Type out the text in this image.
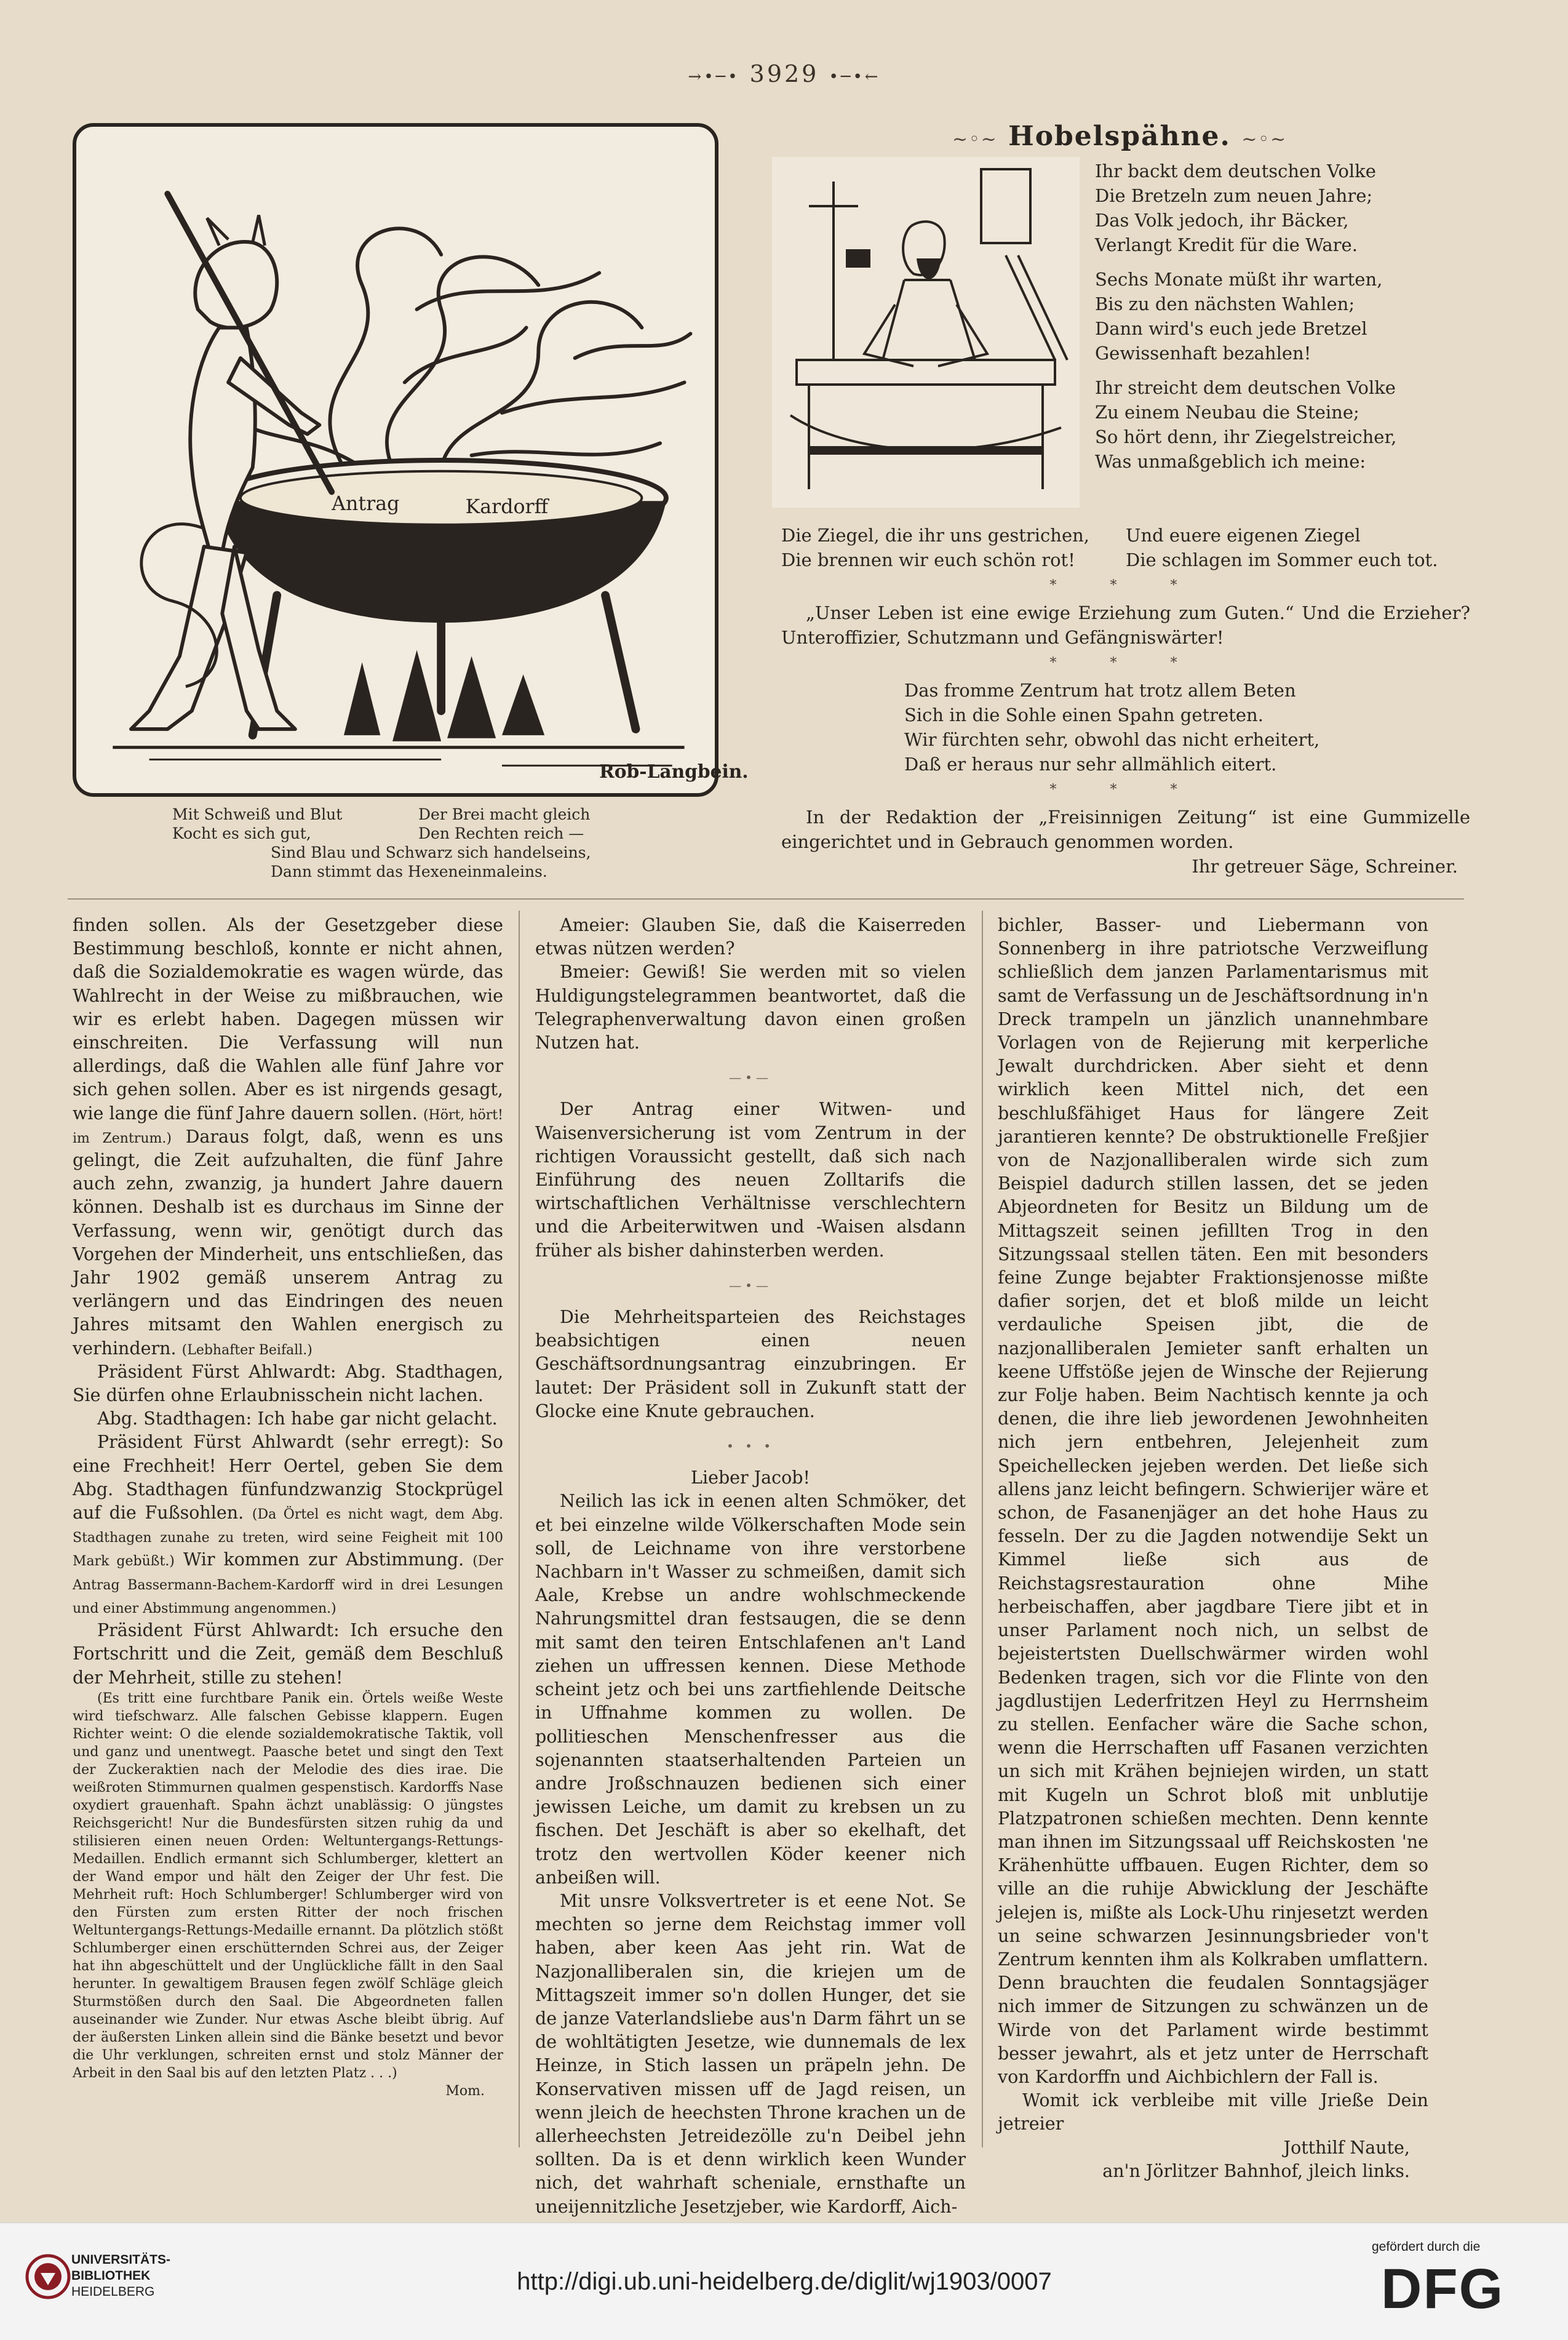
→•─• 3929 •─•←
Antrag	Kardorff
Rob-Langbein.
Mit Schweiß und Blut	Der Brei macht gleich
Kocht es sich gut,	Den Rechten reich —
Sind Blau und Schwarz sich handelseins,
Dann stimmt das Hexeneinmaleins.
~◦~ Hobelspähne. ~◦~
Ihr backt dem deutschen Volke
Die Bretzeln zum neuen Jahre;
Das Volk jedoch, ihr Bäcker,
Verlangt Kredit für die Ware.
Sechs Monate müßt ihr warten,
Bis zu den nächsten Wahlen;
Dann wird's euch jede Bretzel
Gewissenhaft bezahlen!
Ihr streicht dem deutschen Volke
Zu einem Neubau die Steine;
So hört denn, ihr Ziegelstreicher,
Was unmaßgeblich ich meine:
Die Ziegel, die ihr uns gestrichen,	Und euere eigenen Ziegel
Die brennen wir euch schön rot!	Die schlagen im Sommer euch tot.
* * *
„Unser Leben ist eine ewige Erziehung zum Guten.“ Und die Erzieher? Unteroffizier, Schutzmann und Gefängniswärter!
* * *
Das fromme Zentrum hat trotz allem Beten
Sich in die Sohle einen Spahn getreten.
Wir fürchten sehr, obwohl das nicht erheitert,
Daß er heraus nur sehr allmählich eitert.
* * *
In der Redaktion der „Freisinnigen Zeitung“ ist eine Gummizelle eingerichtet und in Gebrauch genommen worden.
Ihr getreuer Säge, Schreiner.

finden sollen. Als der Gesetzgeber diese Bestimmung beschloß, konnte er nicht ahnen, daß die Sozialdemokratie es wagen würde, das Wahlrecht in der Weise zu mißbrauchen, wie wir es erlebt haben. Dagegen müssen wir einschreiten. Die Verfassung will nun allerdings, daß die Wahlen alle fünf Jahre vor sich gehen sollen. Aber es ist nirgends gesagt, wie lange die fünf Jahre dauern sollen. (Hört, hört! im Zentrum.) Daraus folgt, daß, wenn es uns gelingt, die Zeit aufzuhalten, die fünf Jahre auch zehn, zwanzig, ja hundert Jahre dauern können. Deshalb ist es durchaus im Sinne der Verfassung, wenn wir, genötigt durch das Vorgehen der Minderheit, uns entschließen, das Jahr 1902 gemäß unserem Antrag zu verlängern und das Eindringen des neuen Jahres mitsamt den Wahlen energisch zu verhindern. (Lebhafter Beifall.)

Präsident Fürst Ahlwardt: Abg. Stadthagen, Sie dürfen ohne Erlaubnisschein nicht lachen.

Abg. Stadthagen: Ich habe gar nicht gelacht.

Präsident Fürst Ahlwardt (sehr erregt): So eine Frechheit! Herr Oertel, geben Sie dem Abg. Stadthagen fünfundzwanzig Stockprügel auf die Fußsohlen. (Da Örtel es nicht wagt, dem Abg. Stadthagen zunahe zu treten, wird seine Feigheit mit 100 Mark gebüßt.) Wir kommen zur Abstimmung. (Der Antrag Bassermann-Bachem-Kardorff wird in drei Lesungen und einer Abstimmung angenommen.)

Präsident Fürst Ahlwardt: Ich ersuche den Fortschritt und die Zeit, gemäß dem Beschluß der Mehrheit, stille zu stehen!

(Es tritt eine furchtbare Panik ein. Örtels weiße Weste wird tiefschwarz. Alle falschen Gebisse klappern. Eugen Richter weint: O die elende sozialdemokratische Taktik, voll und ganz und unentwegt. Paasche betet und singt den Text der Zuckeraktien nach der Melodie des dies irae. Die weißroten Stimmurnen qualmen gespenstisch. Kardorffs Nase oxydiert grauenhaft. Spahn ächzt unablässig: O jüngstes Reichsgericht! Nur die Bundesfürsten sitzen ruhig da und stilisieren einen neuen Orden: Weltuntergangs-Rettungs-Medaillen. Endlich ermannt sich Schlumberger, klettert an der Wand empor und hält den Zeiger der Uhr fest. Die Mehrheit ruft: Hoch Schlumberger! Schlumberger wird von den Fürsten zum ersten Ritter der noch frischen Weltuntergangs-Rettungs-Medaille ernannt. Da plötzlich stößt Schlumberger einen erschütternden Schrei aus, der Zeiger hat ihn abgeschüttelt und der Unglückliche fällt in den Saal herunter. In gewaltigem Brausen fegen zwölf Schläge gleich Sturmstößen durch den Saal. Die Abgeordneten fallen auseinander wie Zunder. Nur etwas Asche bleibt übrig. Auf der äußersten Linken allein sind die Bänke besetzt und bevor die Uhr verklungen, schreiten ernst und stolz Männer der Arbeit in den Saal bis auf den letzten Platz . . .)

Mom.

Ameier: Glauben Sie, daß die Kaiserreden etwas nützen werden?

Bmeier: Gewiß! Sie werden mit so vielen Huldigungstelegrammen beantwortet, daß die Telegraphenverwaltung davon einen großen Nutzen hat.

—•—

Der Antrag einer Witwen- und Waisenversicherung ist vom Zentrum in der richtigen Voraussicht gestellt, daß sich nach Einführung des neuen Zolltarifs die wirtschaftlichen Verhältnisse verschlechtern und die Arbeiterwitwen und -Waisen alsdann früher als bisher dahinsterben werden.

—•—

Die Mehrheitsparteien des Reichstages beabsichtigen einen neuen Geschäftsordnungsantrag einzubringen. Er lautet: Der Präsident soll in Zukunft statt der Glocke eine Knute gebrauchen.

• • •

Lieber Jacob!

Neilich las ick in eenen alten Schmöker, det et bei einzelne wilde Völkerschaften Mode sein soll, de Leichname von ihre verstorbene Nachbarn in't Wasser zu schmeißen, damit sich Aale, Krebse un andre wohlschmeckende Nahrungsmittel dran festsaugen, die se denn mit samt den teiren Entschlafenen an't Land ziehen un uffressen kennen. Diese Methode scheint jetz och bei uns zartfiehlende Deitsche in Uffnahme kommen zu wollen. De pollitieschen Menschenfresser aus die sojenannten staatserhaltenden Parteien un andre Jroßschnauzen bedienen sich einer jewissen Leiche, um damit zu krebsen un zu fischen. Det Jeschäft is aber so ekelhaft, det trotz den wertvollen Köder keener nich anbeißen will.

Mit unsre Volksvertreter is et eene Not. Se mechten so jerne dem Reichstag immer voll haben, aber keen Aas jeht rin. Wat de Nazjonalliberalen sin, die kriejen um de Mittagszeit immer so'n dollen Hunger, det sie de janze Vaterlandsliebe aus'n Darm fährt un se de wohltätigten Jesetze, wie dunnemals de lex Heinze, in Stich lassen un präpeln jehn. De Konservativen missen uff de Jagd reisen, un wenn jleich de heechsten Throne krachen un de allerheechsten Jetreidezölle zu'n Deibel jehn sollten. Da is et denn wirklich keen Wunder nich, det wahrhaft scheniale, ernsthafte un uneijennitzliche Jesetzjeber, wie Kardorff, Aich-

bichler, Basser- und Liebermann von Sonnenberg in ihre patriotsche Verzweiflung schließlich dem janzen Parlamentarismus mit samt de Verfassung un de Jeschäftsordnung in'n Dreck trampeln un jänzlich unannehmbare Vorlagen von de Rejierung mit kerperliche Jewalt durchdricken. Aber sieht et denn wirklich keen Mittel nich, det een beschlußfähiget Haus for längere Zeit jarantieren kennte? De obstruktionelle Freßjier von de Nazjonalliberalen wirde sich zum Beispiel dadurch stillen lassen, det se jeden Abjeordneten for Besitz un Bildung um de Mittagszeit seinen jefillten Trog in den Sitzungssaal stellen täten. Een mit besonders feine Zunge bejabter Fraktionsjenosse mißte dafier sorjen, det et bloß milde un leicht verdauliche Speisen jibt, die de nazjonalliberalen Jemieter sanft erhalten un keene Uffstöße jejen de Winsche der Rejierung zur Folje haben. Beim Nachtisch kennte ja och denen, die ihre lieb jewordenen Jewohnheiten nich jern entbehren, Jelejenheit zum Speichellecken jejeben werden. Det ließe sich allens janz leicht befingern. Schwierijer wäre et schon, de Fasanenjäger an det hohe Haus zu fesseln. Der zu die Jagden notwendije Sekt un Kimmel ließe sich aus de Reichstagsrestauration ohne Mihe herbeischaffen, aber jagdbare Tiere jibt et in unser Parlament noch nich, un selbst de bejeistertsten Duellschwärmer wirden wohl Bedenken tragen, sich vor die Flinte von den jagdlustijen Lederfritzen Heyl zu Herrnsheim zu stellen. Eenfacher wäre die Sache schon, wenn die Herrschaften uff Fasanen verzichten un sich mit Krähen bejniejen wirden, un statt mit Kugeln un Schrot bloß mit unblutije Platzpatronen schießen mechten. Denn kennte man ihnen im Sitzungssaal uff Reichskosten 'ne Krähenhütte uffbauen. Eugen Richter, dem so ville an die ruhije Abwicklung der Jeschäfte jelejen is, mißte als Lock-Uhu rinjesetzt werden un seine schwarzen Jesinnungsbrieder von't Zentrum kennten ihm als Kolkraben umflattern. Denn brauchten die feudalen Sonntagsjäger nich immer de Sitzungen zu schwänzen un de Wirde von det Parlament wirde bestimmt besser jewahrt, als et jetz unter de Herrschaft von Kardorffn und Aichbichlern der Fall is.

Womit ick verbleibe mit ville Jrieße Dein jetreier

Jotthilf Naute,
an'n Jörlitzer Bahnhof, jleich links.
UNIVERSITÄTS-
BIBLIOTHEK
HEIDELBERG	http://digi.ub.uni-heidelberg.de/diglit/wj1903/0007
gefördert durch die
DFG
